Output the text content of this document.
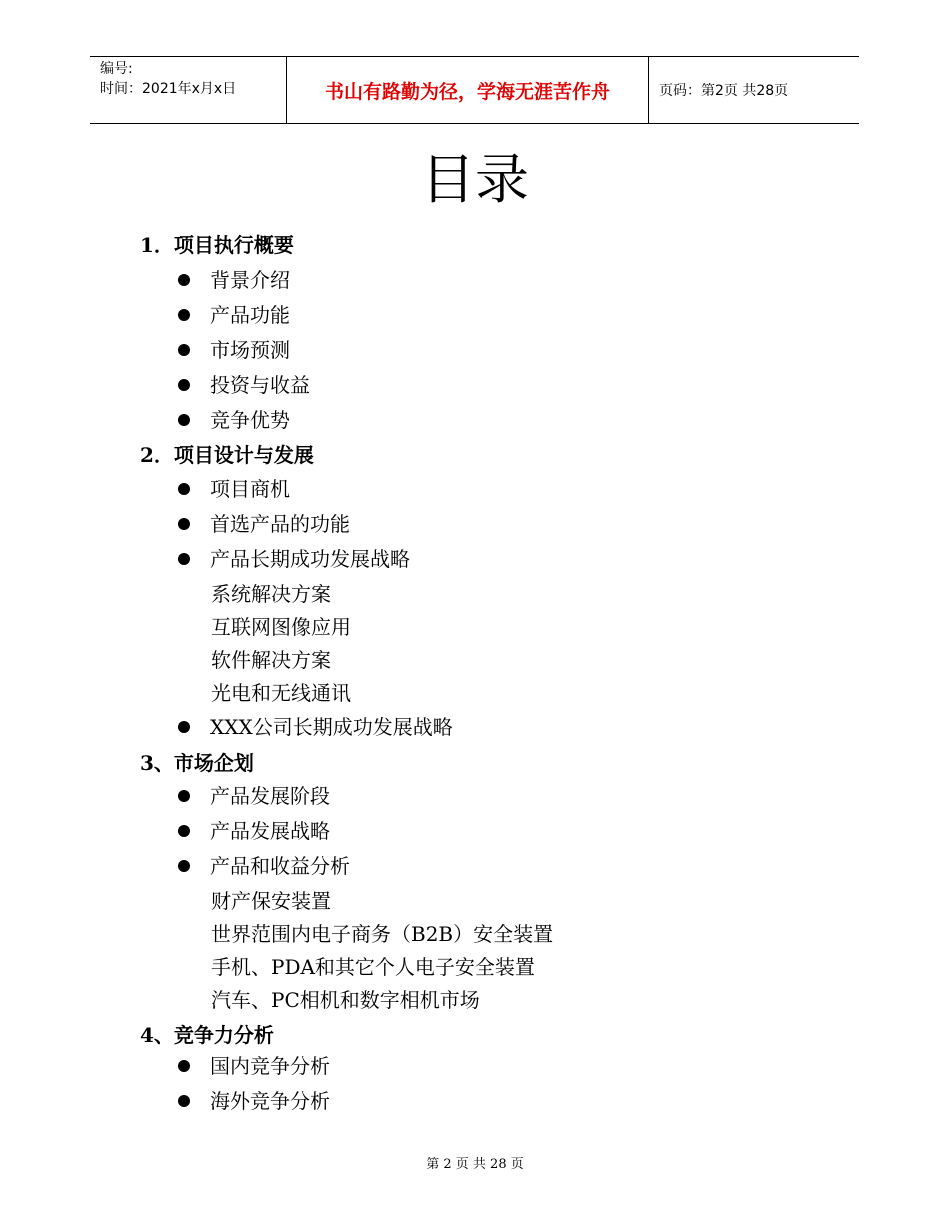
编号:
时间：2021年x月x日	书山有路勤为径，学海无涯苦作舟	页码：第2页 共28页
目录
1．项目执行概要
背景介绍
产品功能
市场预测
投资与收益
竞争优势
2．项目设计与发展
项目商机
首选产品的功能
产品长期成功发展战略
系统解决方案
互联网图像应用
软件解决方案
光电和无线通讯
XXX公司长期成功发展战略
3、市场企划
产品发展阶段
产品发展战略
产品和收益分析
财产保安装置
世界范围内电子商务（B2B）安全装置
手机、PDA和其它个人电子安全装置
汽车、PC相机和数字相机市场
4、竞争力分析
国内竞争分析
海外竞争分析
第 2 页 共 28 页
